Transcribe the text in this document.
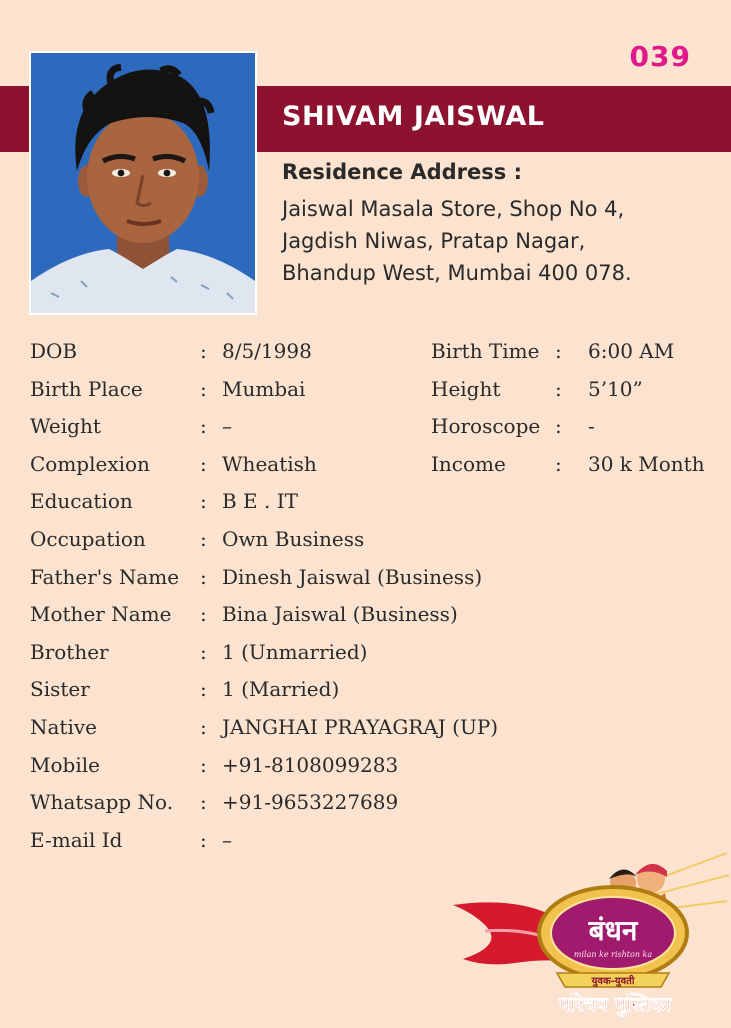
039
SHIVAM JAISWAL
Residence Address :
Jaiswal Masala Store, Shop No 4,
Jagdish Niwas, Pratap Nagar,
Bhandup West, Mumbai 400 078.
DOB	: 8/5/1998
Birth Place	: Mumbai
Weight	: –
Complexion	: Wheatish
Education	: B E . IT
Occupation	: Own Business
Father's Name : Dinesh Jaiswal (Business)
Mother Name : Bina Jaiswal (Business)
Brother	: 1 (Unmarried)
Sister	: 1 (Married)
Native	: JANGHAI PRAYAGRAJ (UP)
Mobile	: +91-8108099283
Whatsapp No. : +91-9653227689
E-mail Id	: –
Birth Time : 6:00 AM
Height	: 5’10”
Horoscope : -
Income : 30 k Month
बंधन
milan ke rishton ka
युवक-युवती
परिचय पुस्तिका
